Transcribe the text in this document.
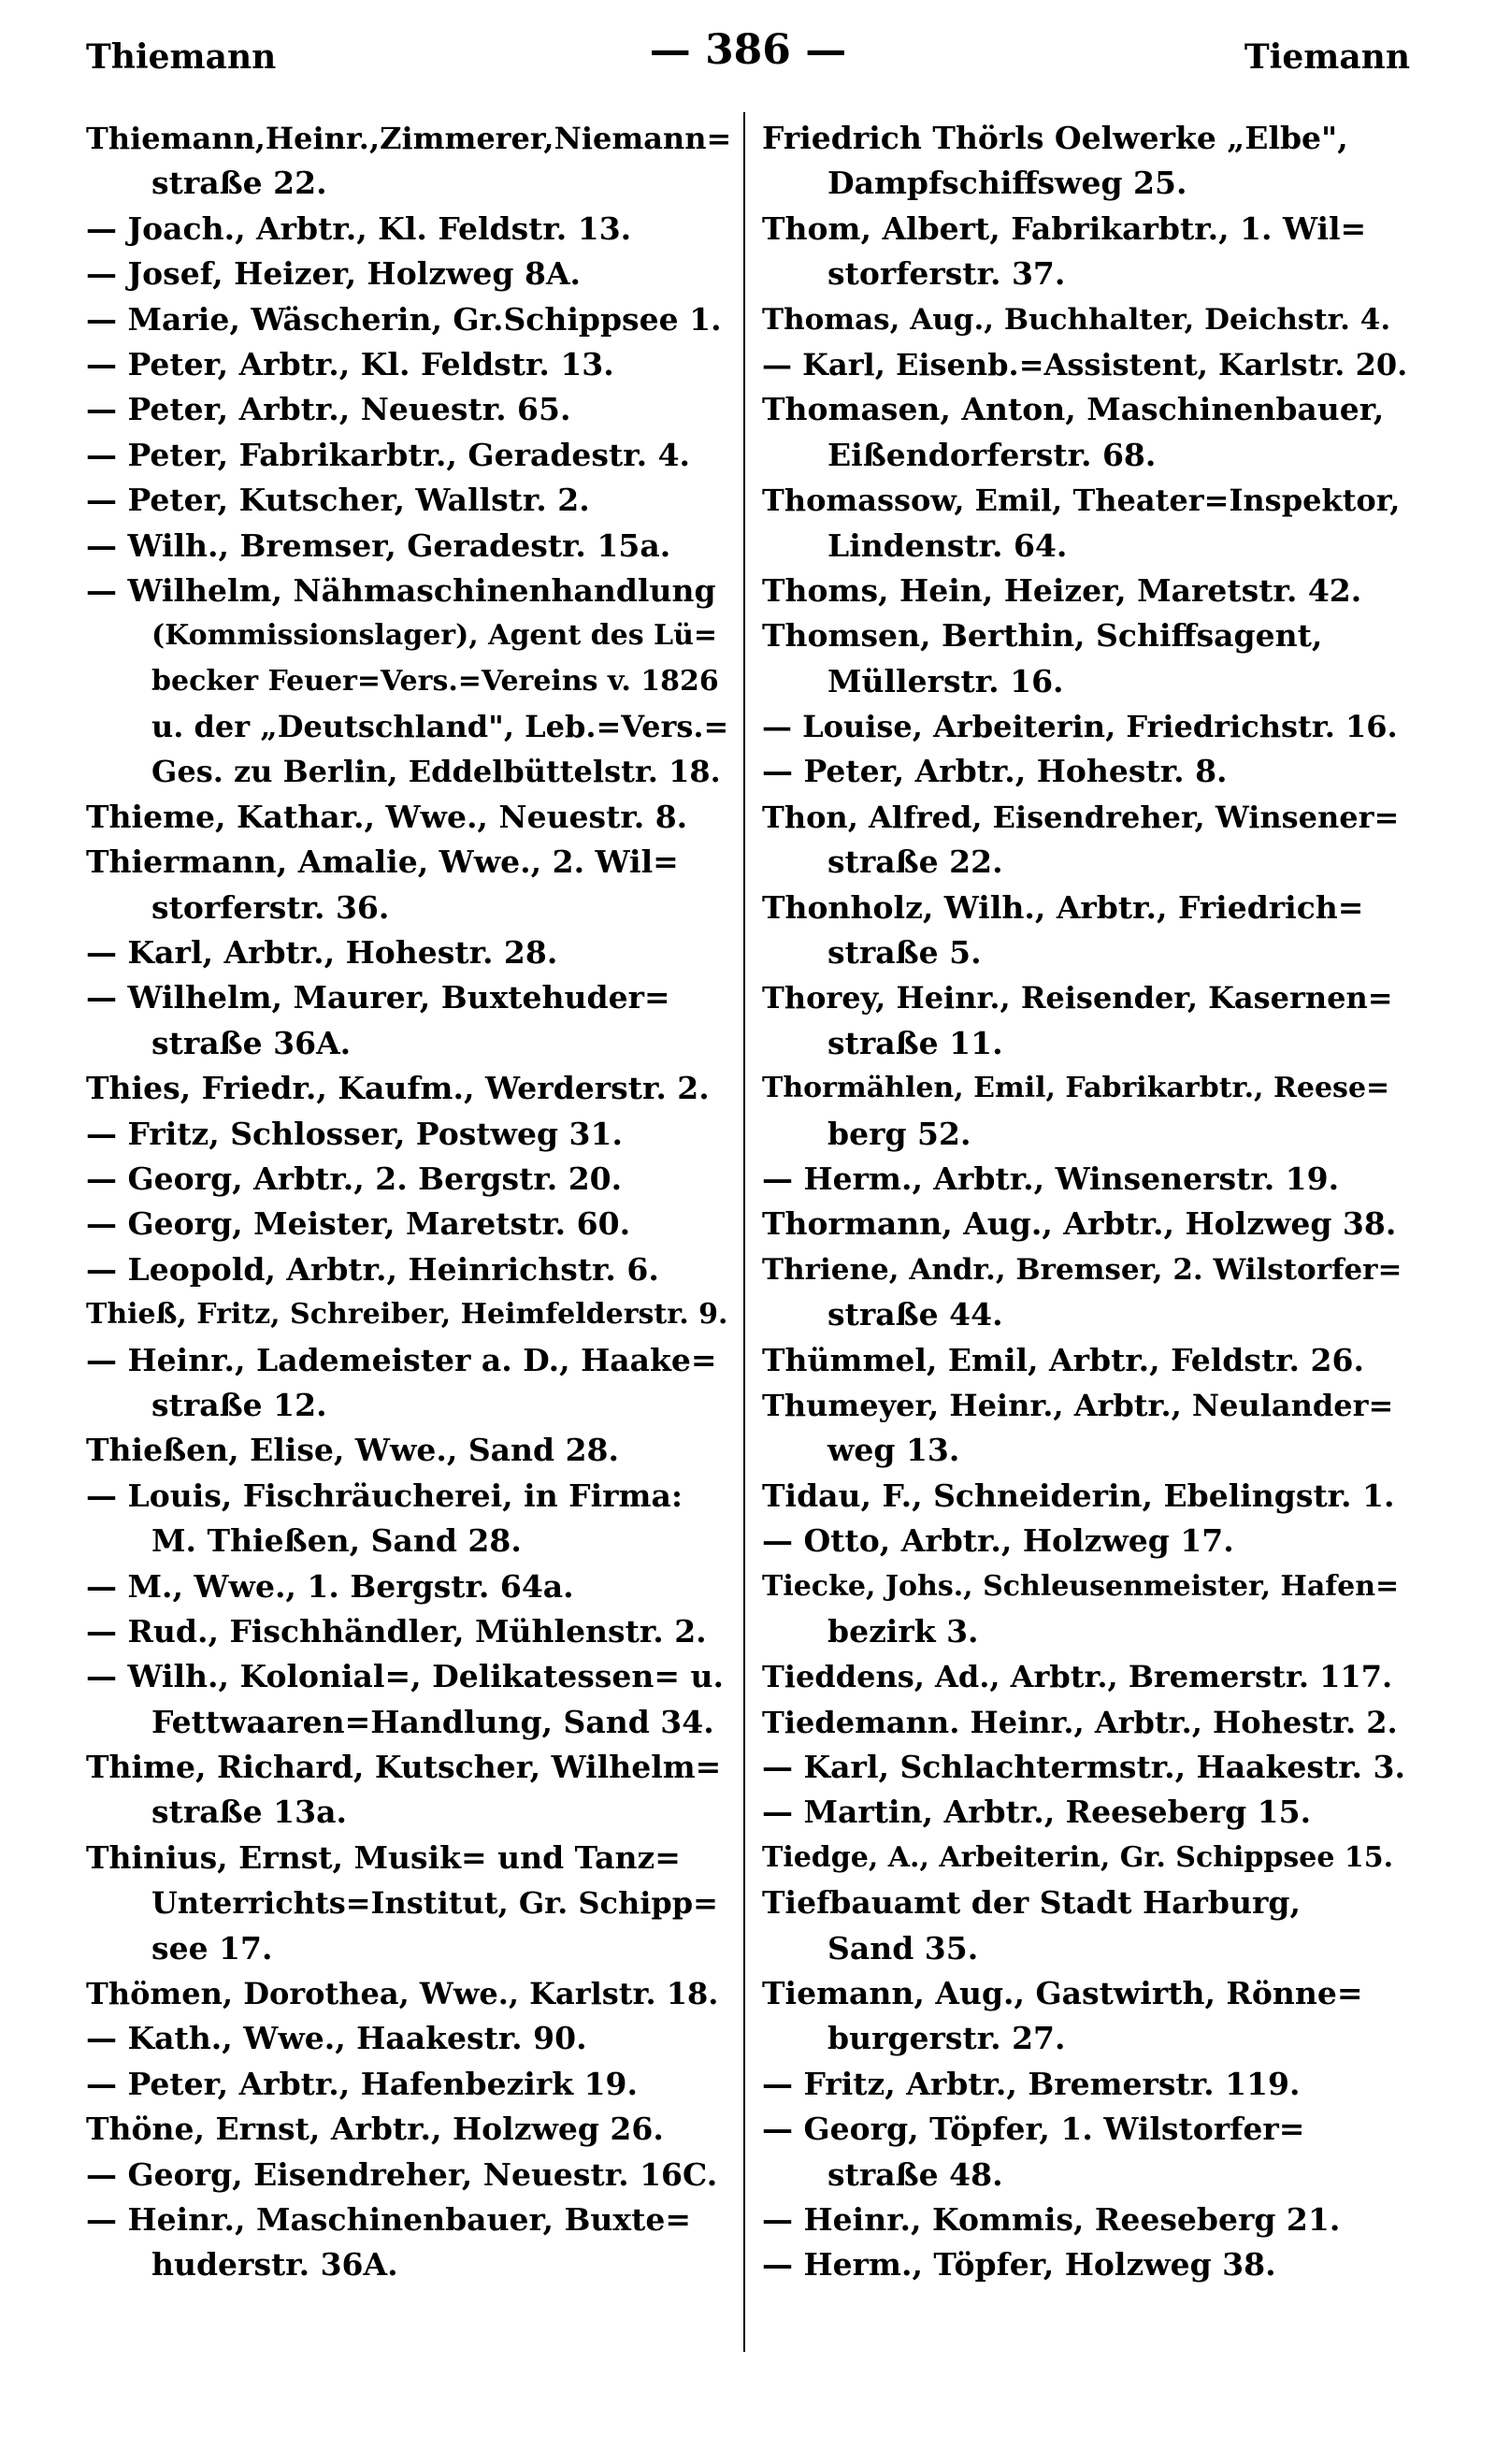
Thiemann	— 386 —	Tiemann
Thiemann,Heinr.,Zimmerer,Niemann=
straße 22.
— Joach., Arbtr., Kl. Feldstr. 13.
— Josef, Heizer, Holzweg 8A.
— Marie, Wäscherin, Gr.Schippsee 1.
— Peter, Arbtr., Kl. Feldstr. 13.
— Peter, Arbtr., Neuestr. 65.
— Peter, Fabrikarbtr., Geradestr. 4.
— Peter, Kutscher, Wallstr. 2.
— Wilh., Bremser, Geradestr. 15a.
— Wilhelm, Nähmaschinenhandlung
(Kommissionslager), Agent des Lü=
becker Feuer=Vers.=Vereins v. 1826
u. der „Deutschland", Leb.=Vers.=
Ges. zu Berlin, Eddelbüttelstr. 18.
Thieme, Kathar., Wwe., Neuestr. 8.
Thiermann, Amalie, Wwe., 2. Wil=
storferstr. 36.
— Karl, Arbtr., Hohestr. 28.
— Wilhelm, Maurer, Buxtehuder=
straße 36A.
Thies, Friedr., Kaufm., Werderstr. 2.
— Fritz, Schlosser, Postweg 31.
— Georg, Arbtr., 2. Bergstr. 20.
— Georg, Meister, Maretstr. 60.
— Leopold, Arbtr., Heinrichstr. 6.
Thieß, Fritz, Schreiber, Heimfelderstr. 9.
— Heinr., Lademeister a. D., Haake=
straße 12.
Thießen, Elise, Wwe., Sand 28.
— Louis, Fischräucherei, in Firma:
M. Thießen, Sand 28.
— M., Wwe., 1. Bergstr. 64a.
— Rud., Fischhändler, Mühlenstr. 2.
— Wilh., Kolonial=, Delikatessen= u.
Fettwaaren=Handlung, Sand 34.
Thime, Richard, Kutscher, Wilhelm=
straße 13a.
Thinius, Ernst, Musik= und Tanz=
Unterrichts=Institut, Gr. Schipp=
see 17.
Thömen, Dorothea, Wwe., Karlstr. 18.
— Kath., Wwe., Haakestr. 90.
— Peter, Arbtr., Hafenbezirk 19.
Thöne, Ernst, Arbtr., Holzweg 26.
— Georg, Eisendreher, Neuestr. 16C.
— Heinr., Maschinenbauer, Buxte=
huderstr. 36A.
Friedrich Thörls Oelwerke „Elbe",
Dampfschiffsweg 25.
Thom, Albert, Fabrikarbtr., 1. Wil=
storferstr. 37.
Thomas, Aug., Buchhalter, Deichstr. 4.
— Karl, Eisenb.=Assistent, Karlstr. 20.
Thomasen, Anton, Maschinenbauer,
Eißendorferstr. 68.
Thomassow, Emil, Theater=Inspektor,
Lindenstr. 64.
Thoms, Hein, Heizer, Maretstr. 42.
Thomsen, Berthin, Schiffsagent,
Müllerstr. 16.
— Louise, Arbeiterin, Friedrichstr. 16.
— Peter, Arbtr., Hohestr. 8.
Thon, Alfred, Eisendreher, Winsener=
straße 22.
Thonholz, Wilh., Arbtr., Friedrich=
straße 5.
Thorey, Heinr., Reisender, Kasernen=
straße 11.
Thormählen, Emil, Fabrikarbtr., Reese=
berg 52.
— Herm., Arbtr., Winsenerstr. 19.
Thormann, Aug., Arbtr., Holzweg 38.
Thriene, Andr., Bremser, 2. Wilstorfer=
straße 44.
Thümmel, Emil, Arbtr., Feldstr. 26.
Thumeyer, Heinr., Arbtr., Neulander=
weg 13.
Tidau, F., Schneiderin, Ebelingstr. 1.
— Otto, Arbtr., Holzweg 17.
Tiecke, Johs., Schleusenmeister, Hafen=
bezirk 3.
Tieddens, Ad., Arbtr., Bremerstr. 117.
Tiedemann. Heinr., Arbtr., Hohestr. 2.
— Karl, Schlachtermstr., Haakestr. 3.
— Martin, Arbtr., Reeseberg 15.
Tiedge, A., Arbeiterin, Gr. Schippsee 15.
Tiefbauamt der Stadt Harburg,
Sand 35.
Tiemann, Aug., Gastwirth, Rönne=
burgerstr. 27.
— Fritz, Arbtr., Bremerstr. 119.
— Georg, Töpfer, 1. Wilstorfer=
straße 48.
— Heinr., Kommis, Reeseberg 21.
— Herm., Töpfer, Holzweg 38.
